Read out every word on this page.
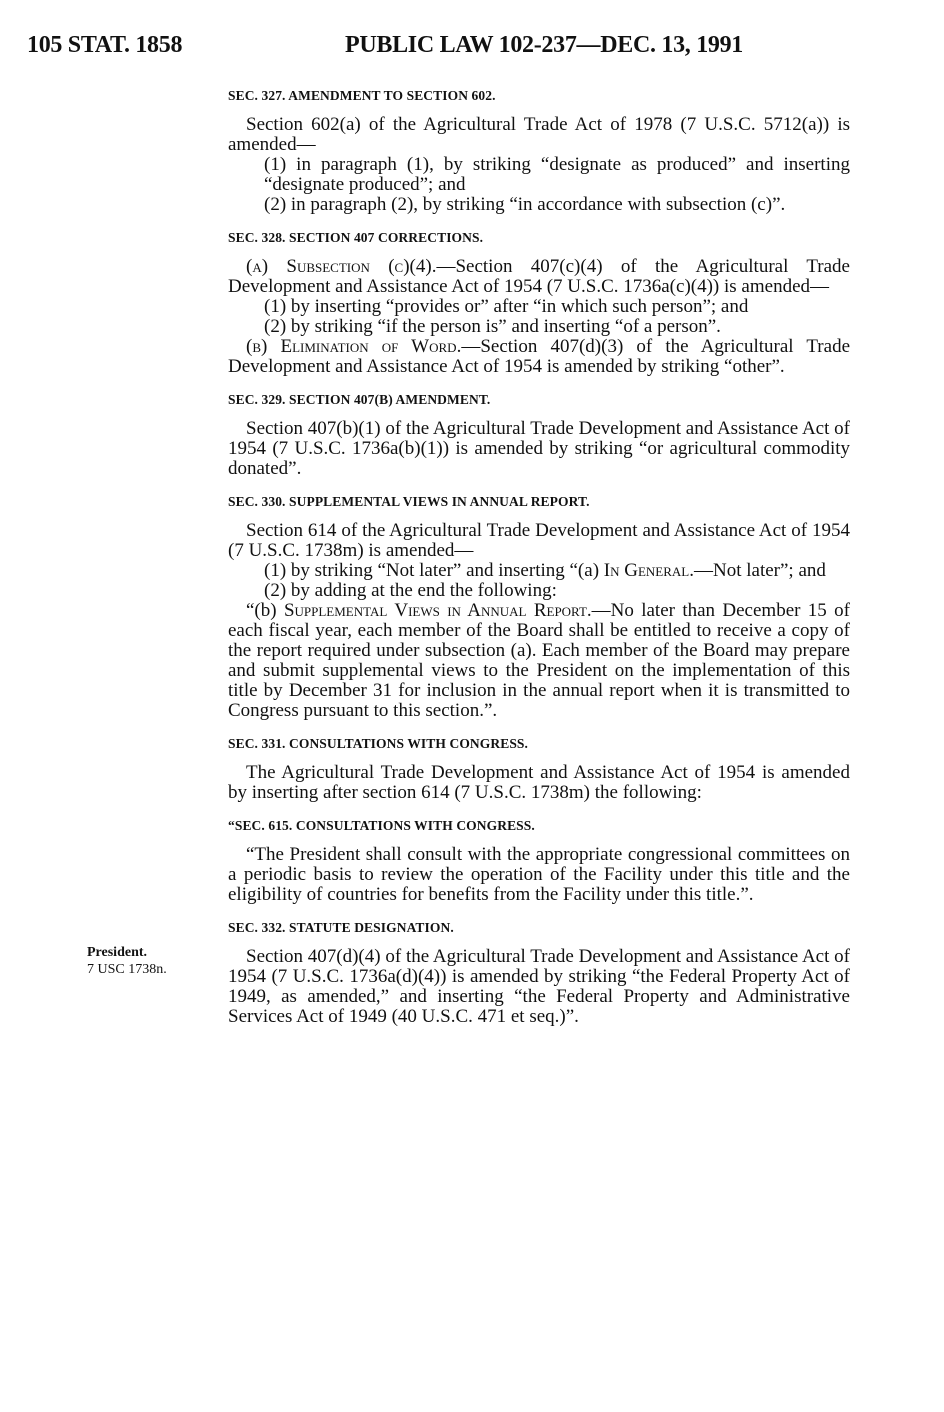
105 STAT. 1858	PUBLIC LAW 102-237—DEC. 13, 1991
President.
7 USC 1738n.
SEC. 327. AMENDMENT TO SECTION 602.

Section 602(a) of the Agricultural Trade Act of 1978 (7 U.S.C. 5712(a)) is amended—

(1) in paragraph (1), by striking “designate as produced” and inserting “designate produced”; and

(2) in paragraph (2), by striking “in accordance with subsection (c)”.

SEC. 328. SECTION 407 CORRECTIONS.

(a) Subsection (c)(4).—Section 407(c)(4) of the Agricultural Trade Development and Assistance Act of 1954 (7 U.S.C. 1736a(c)(4)) is amended—

(1) by inserting “provides or” after “in which such person”; and

(2) by striking “if the person is” and inserting “of a person”.

(b) Elimination of Word.—Section 407(d)(3) of the Agricultural Trade Development and Assistance Act of 1954 is amended by striking “other”.

SEC. 329. SECTION 407(B) AMENDMENT.

Section 407(b)(1) of the Agricultural Trade Development and Assistance Act of 1954 (7 U.S.C. 1736a(b)(1)) is amended by striking “or agricultural commodity donated”.

SEC. 330. SUPPLEMENTAL VIEWS IN ANNUAL REPORT.

Section 614 of the Agricultural Trade Development and Assistance Act of 1954 (7 U.S.C. 1738m) is amended—

(1) by striking “Not later” and inserting “(a) In General.—Not later”; and

(2) by adding at the end the following:

“(b) Supplemental Views in Annual Report.—No later than December 15 of each fiscal year, each member of the Board shall be entitled to receive a copy of the report required under subsection (a). Each member of the Board may prepare and submit supplemental views to the President on the implementation of this title by December 31 for inclusion in the annual report when it is transmitted to Congress pursuant to this section.”.

SEC. 331. CONSULTATIONS WITH CONGRESS.

The Agricultural Trade Development and Assistance Act of 1954 is amended by inserting after section 614 (7 U.S.C. 1738m) the following:

“SEC. 615. CONSULTATIONS WITH CONGRESS.

“The President shall consult with the appropriate congressional committees on a periodic basis to review the operation of the Facility under this title and the eligibility of countries for benefits from the Facility under this title.”.

SEC. 332. STATUTE DESIGNATION.

Section 407(d)(4) of the Agricultural Trade Development and Assistance Act of 1954 (7 U.S.C. 1736a(d)(4)) is amended by striking “the Federal Property Act of 1949, as amended,” and inserting “the Federal Property and Administrative Services Act of 1949 (40 U.S.C. 471 et seq.)”.
